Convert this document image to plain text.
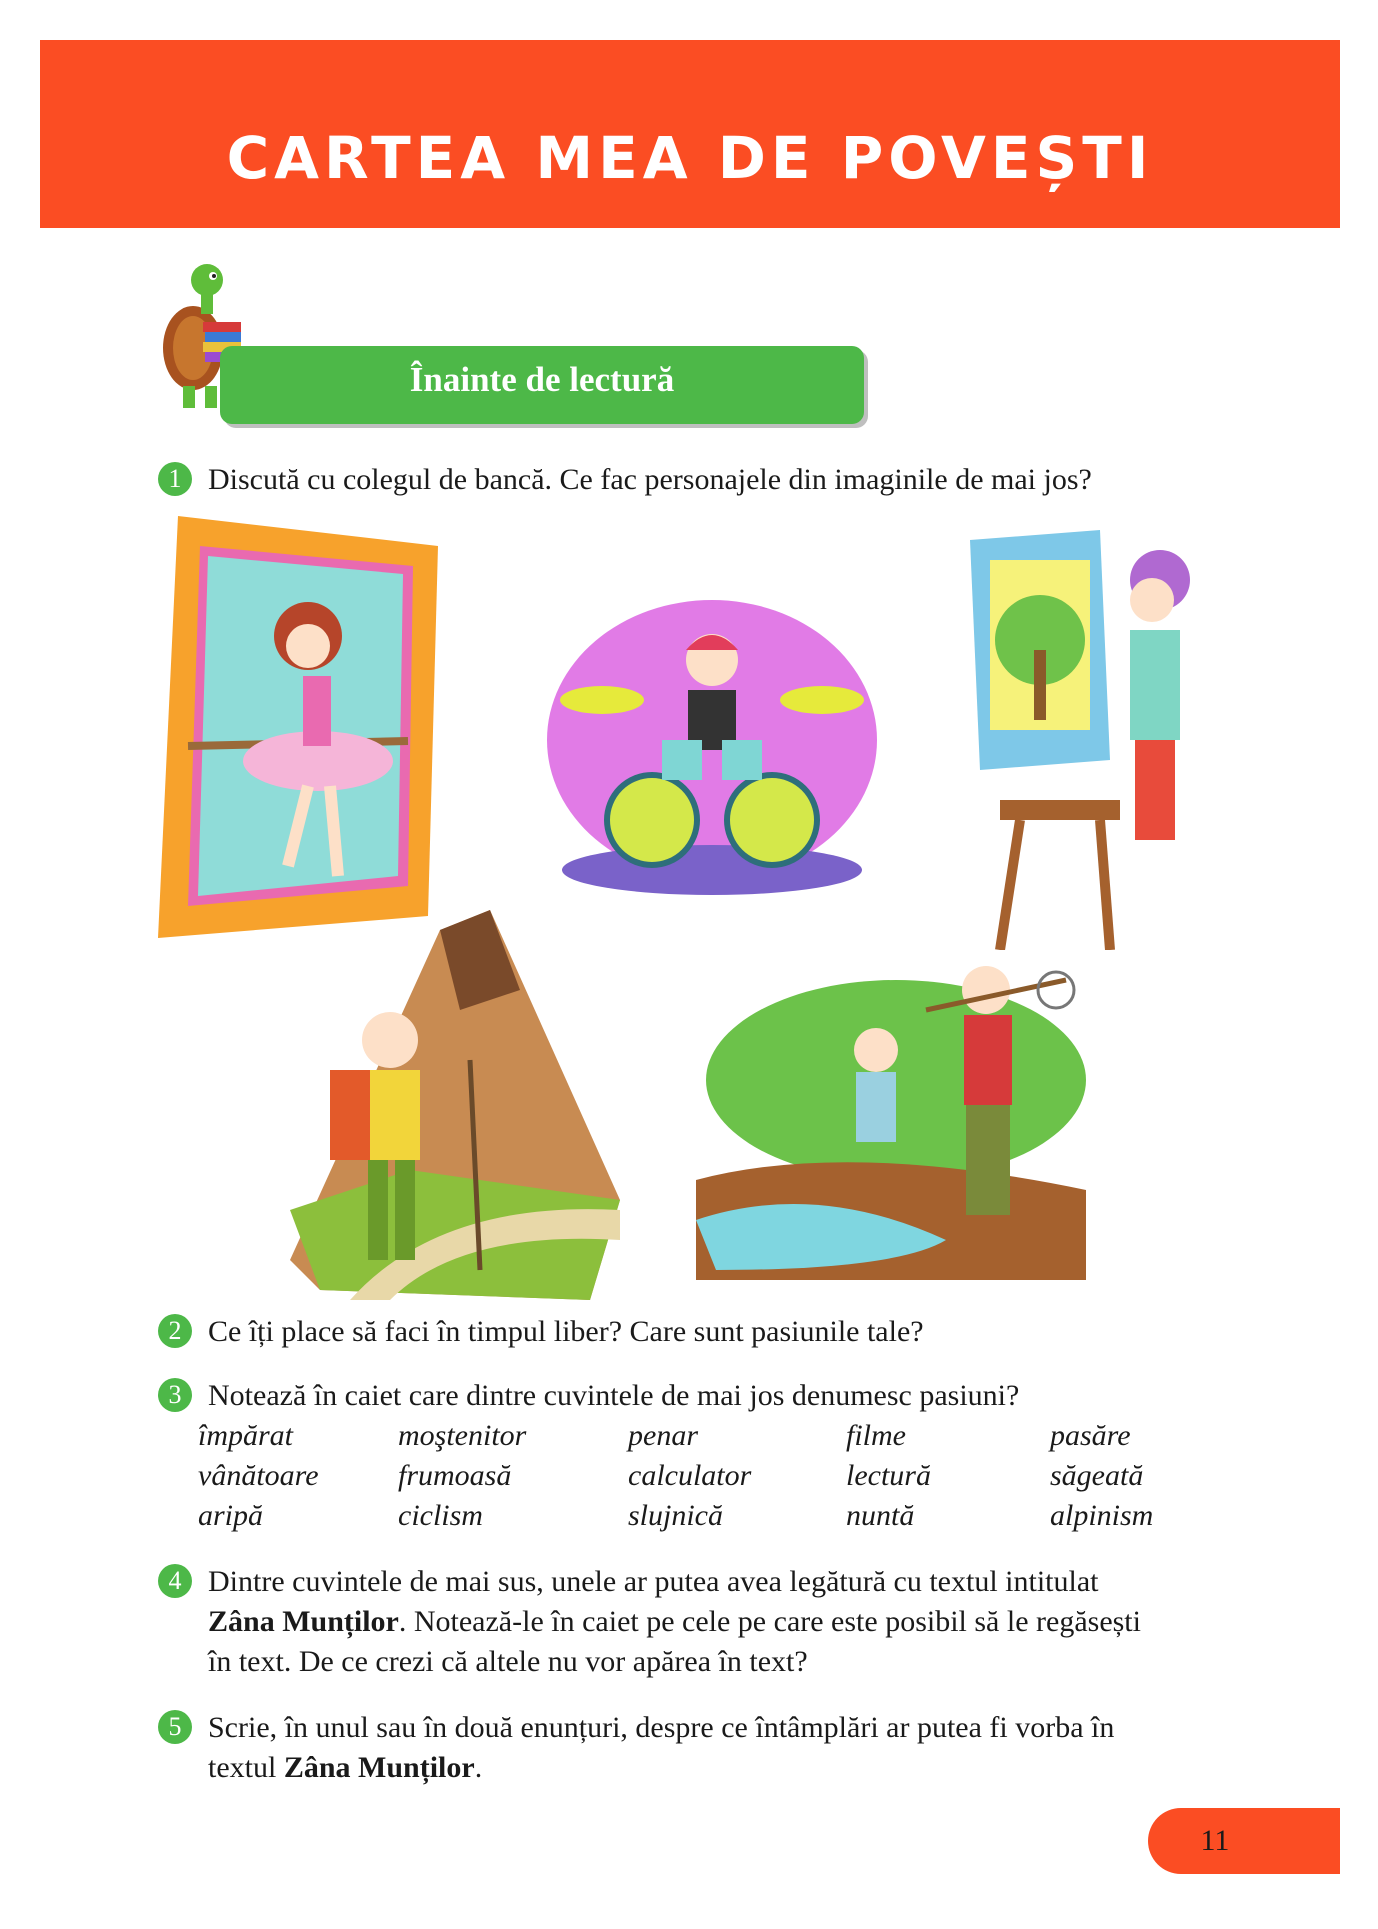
CARTEA MEA DE POVEȘTI
Înainte de lectură
1 Discută cu colegul de bancă. Ce fac personajele din imaginile de mai jos?
2 Ce îți place să faci în timpul liber? Care sunt pasiunile tale?
3 Notează în caiet care dintre cuvintele de mai jos denumesc pasiuni?
împărat	moştenitor	penar	filme	pasăre
vânătoare	frumoasă	calculator	lectură	săgeată
aripă	ciclism	slujnică	nuntă	alpinism
4 Dintre cuvintele de mai sus, unele ar putea avea legătură cu textul intitulat
Zâna Munților. Notează-le în caiet pe cele pe care este posibil să le regăsești
în text. De ce crezi că altele nu vor apărea în text?
5 Scrie, în unul sau în două enunțuri, despre ce întâmplări ar putea fi vorba în
textul Zâna Munților.
11
